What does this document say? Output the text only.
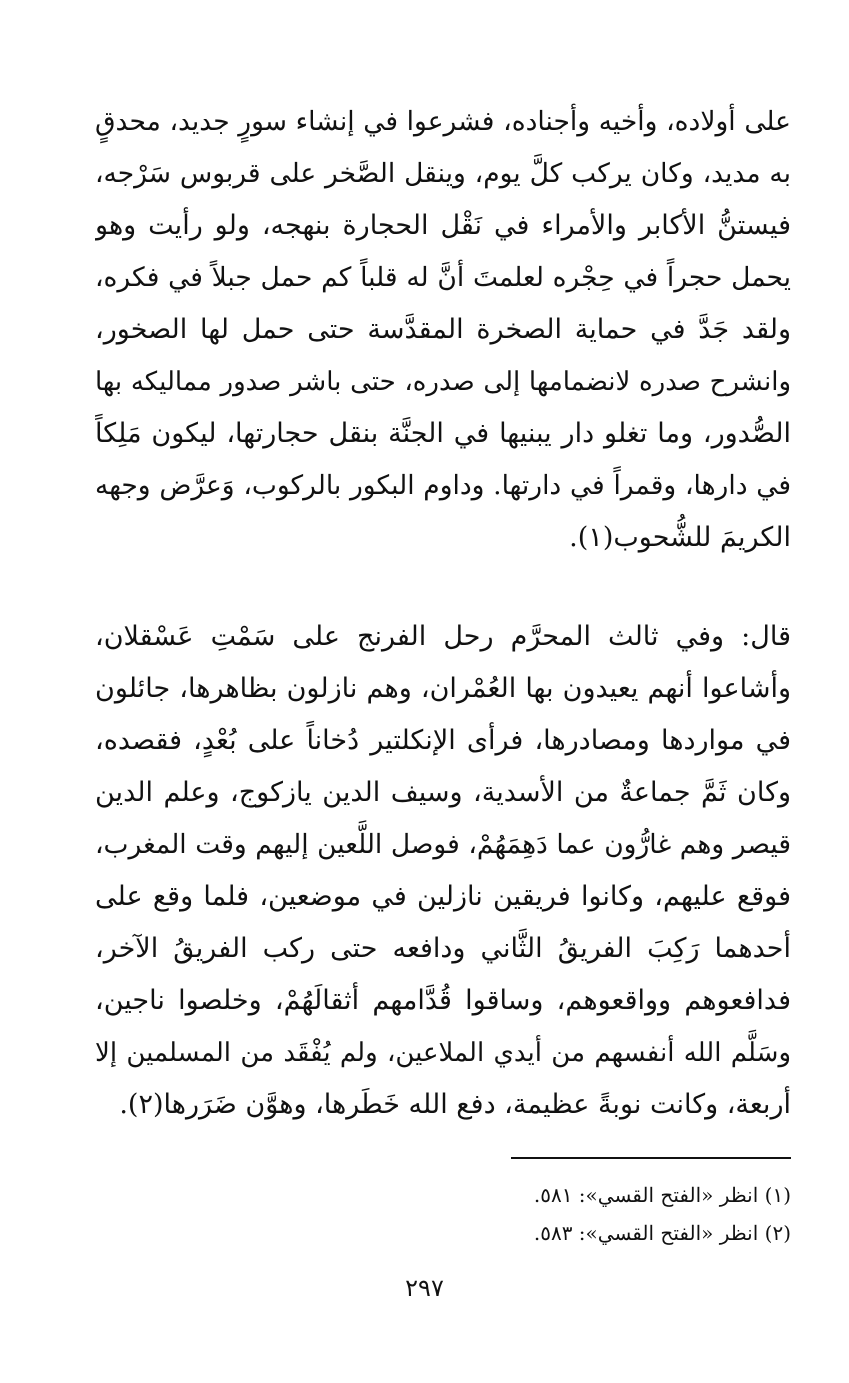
على أولاده، وأخيه وأجناده، فشرعوا في إنشاء سورٍ جديد، محدقٍ
به مديد، وكان يركب كلَّ يوم، وينقل الصَّخر على قربوس سَرْجه،
فيستنُّ الأكابر والأمراء في نَقْل الحجارة بنهجه، ولو رأيت وهو
يحمل حجراً في حِجْره لعلمتَ أنَّ له قلباً كم حمل جبلاً في فكره،
ولقد جَدَّ في حماية الصخرة المقدَّسة حتى حمل لها الصخور،
وانشرح صدره لانضمامها إلى صدره، حتى باشر صدور مماليكه بها
الصُّدور، وما تغلو دار يبنيها في الجنَّة بنقل حجارتها، ليكون مَلِكاً
في دارها، وقمراً في دارتها. وداوم البكور بالركوب، وَعرَّض وجهه
الكريمَ للشُّحوب(١).
قال: وفي ثالث المحرَّم رحل الفرنج على سَمْتِ عَسْقلان،
وأشاعوا أنهم يعيدون بها العُمْران، وهم نازلون بظاهرها، جائلون
في مواردها ومصادرها، فرأى الإنكلتير دُخاناً على بُعْدٍ، فقصده،
وكان ثَمَّ جماعةٌ من الأسدية، وسيف الدين يازكوج، وعلم الدين
قيصر وهم غارُّون عما دَهِمَهُمْ، فوصل اللَّعين إليهم وقت المغرب،
فوقع عليهم، وكانوا فريقين نازلين في موضعين، فلما وقع على
أحدهما رَكِبَ الفريقُ الثَّاني ودافعه حتى ركب الفريقُ الآخر،
فدافعوهم وواقعوهم، وساقوا قُدَّامهم أثقالَهُمْ، وخلصوا ناجين،
وسَلَّم الله أنفسهم من أيدي الملاعين، ولم يُفْقَد من المسلمين إلا
أربعة، وكانت نوبةً عظيمة، دفع الله خَطَرها، وهوَّن ضَرَرها(٢).
(١) انظر «الفتح القسي»: ٥٨١.
(٢) انظر «الفتح القسي»: ٥٨٣.
٢٩٧
